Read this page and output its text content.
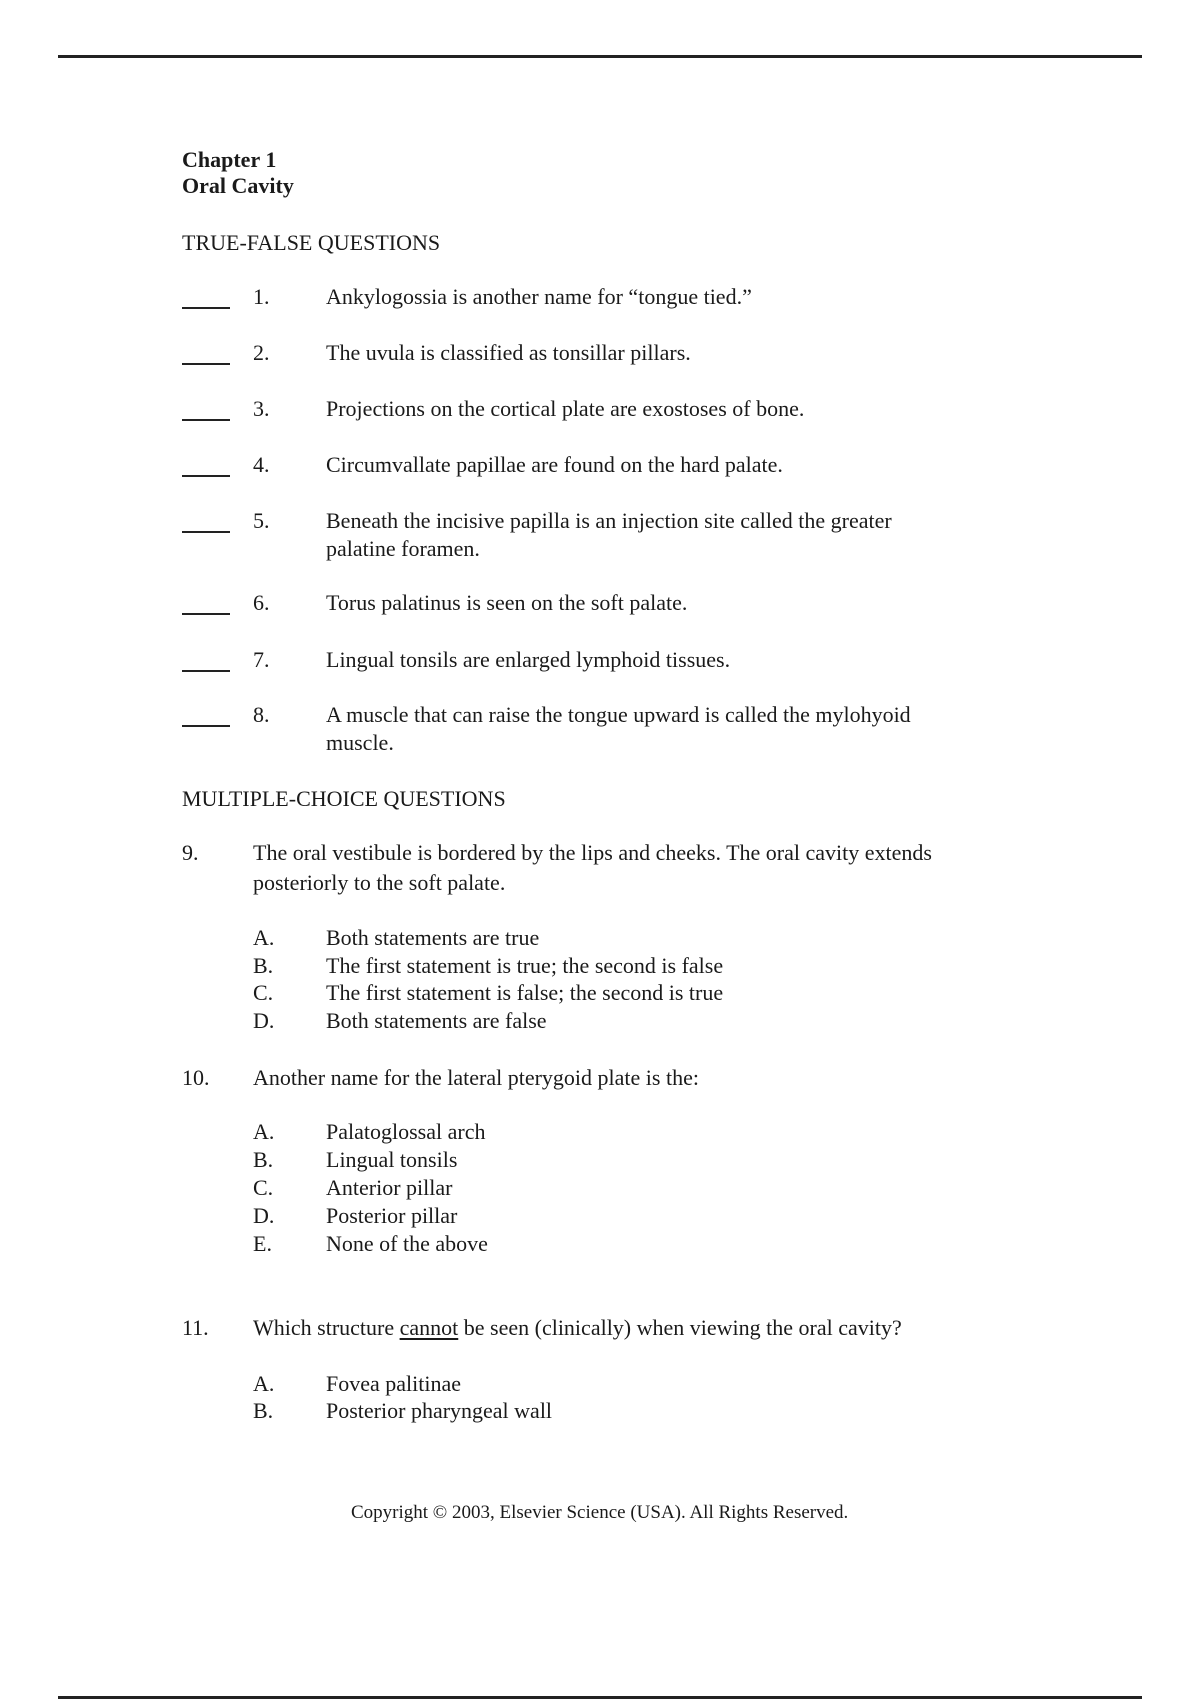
Chapter 1
Oral Cavity
TRUE-FALSE QUESTIONS
1.	Ankylogossia is another name for “tongue tied.”
2.	The uvula is classified as tonsillar pillars.
3.	Projections on the cortical plate are exostoses of bone.
4.	Circumvallate papillae are found on the hard palate.
5.	Beneath the incisive papilla is an injection site called the greater
palatine foramen.
6.	Torus palatinus is seen on the soft palate.
7.	Lingual tonsils are enlarged lymphoid tissues.
8.	A muscle that can raise the tongue upward is called the mylohyoid
muscle.
MULTIPLE-CHOICE QUESTIONS
9. The oral vestibule is bordered by the lips and cheeks. The oral cavity extends
posteriorly to the soft palate.
A. Both statements are true
B. The first statement is true; the second is false
C. The first statement is false; the second is true
D. Both statements are false
10. Another name for the lateral pterygoid plate is the:
A. Palatoglossal arch
B. Lingual tonsils
C. Anterior pillar
D. Posterior pillar
E. None of the above
11. Which structure cannot be seen (clinically) when viewing the oral cavity?
A. Fovea palitinae
B. Posterior pharyngeal wall
Copyright © 2003, Elsevier Science (USA). All Rights Reserved.
